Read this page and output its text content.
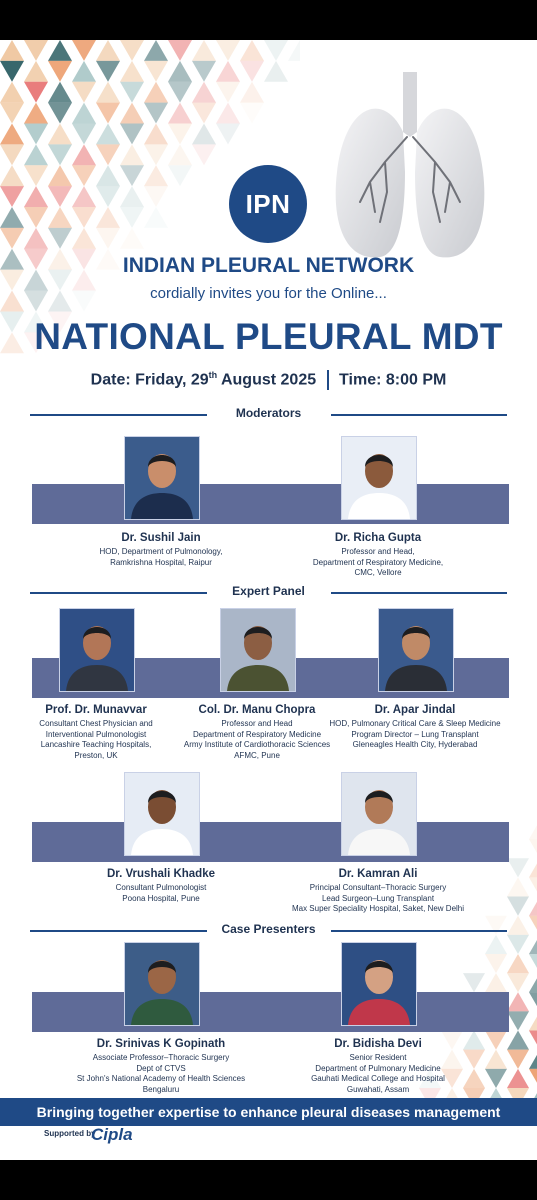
IPN
INDIAN PLEURAL NETWORK
cordially invites you for the Online...
NATIONAL PLEURAL MDT
Date: Friday, 29th August 2025 Time: 8:00 PM
Moderators
Dr. Sushil Jain
HOD, Department of Pulmonology,
Ramkrishna Hospital, Raipur
Dr. Richa Gupta
Professor and Head,
Department of Respiratory Medicine,
CMC, Vellore
Expert Panel
Prof. Dr. Munavvar
Consultant Chest Physician and
Interventional Pulmonologist
Lancashire Teaching Hospitals,
Preston, UK
Col. Dr. Manu Chopra
Professor and Head
Department of Respiratory Medicine
Army Institute of Cardiothoracic Sciences
AFMC, Pune
Dr. Apar Jindal
HOD, Pulmonary Critical Care & Sleep Medicine
Program Director – Lung Transplant
Gleneagles Health City, Hyderabad
Dr. Vrushali Khadke
Consultant Pulmonologist
Poona Hospital, Pune
Dr. Kamran Ali
Principal Consultant–Thoracic Surgery
Lead Surgeon–Lung Transplant
Max Super Speciality Hospital, Saket, New Delhi
Case Presenters
Dr. Srinivas K Gopinath
Associate Professor–Thoracic Surgery
Dept of CTVS
St John's National Academy of Health Sciences
Bengaluru
Dr. Bidisha Devi
Senior Resident
Department of Pulmonary Medicine
Gauhati Medical College and Hospital
Guwahati, Assam
Bringing together expertise to enhance pleural diseases management
Supported by
Cipla
